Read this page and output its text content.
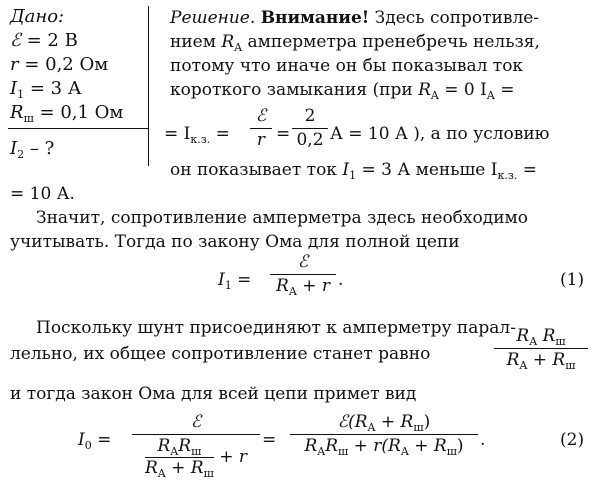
Дано:
ℰ = 2 В
r = 0,2 Ом
$I_1 = 3$ А
$R_ш = 0,1$ Ом
$I_2$ – ?
Решение. Внимание! Здесь сопротивле-
нием $R_A$ амперметра пренебречь нельзя,
потому что иначе он бы показывал ток
короткого замыкания (при $R_A = 0$ $I_A$ =
= $I_{к.з.}$ =
ℰ
r =
2
0,2 А = 10 А ), а по условию
он показывает ток $I_1 = 3$ А меньше $I_{к.з.}$ =
= 10 А.
Значит, сопротивление амперметра здесь необходимо
учитывать. Тогда по закону Ома для полной цепи
$I_1$ =
ℰ
$R_A + r$ .	(1)
Поскольку шунт присоединяют к амперметру парал-
лельно, их общее сопротивление станет равно
$R_A$ $R_ш$
$R_A + R_ш$
и тогда закон Ома для всей цепи примет вид
$I_0$ =
ℰ
$R_AR_ш$
$R_A + R_ш$
+ r
=
$ℰ(R_A + R_ш)$
$R_AR_ш + r(R_A + R_ш)$ .	(2)
